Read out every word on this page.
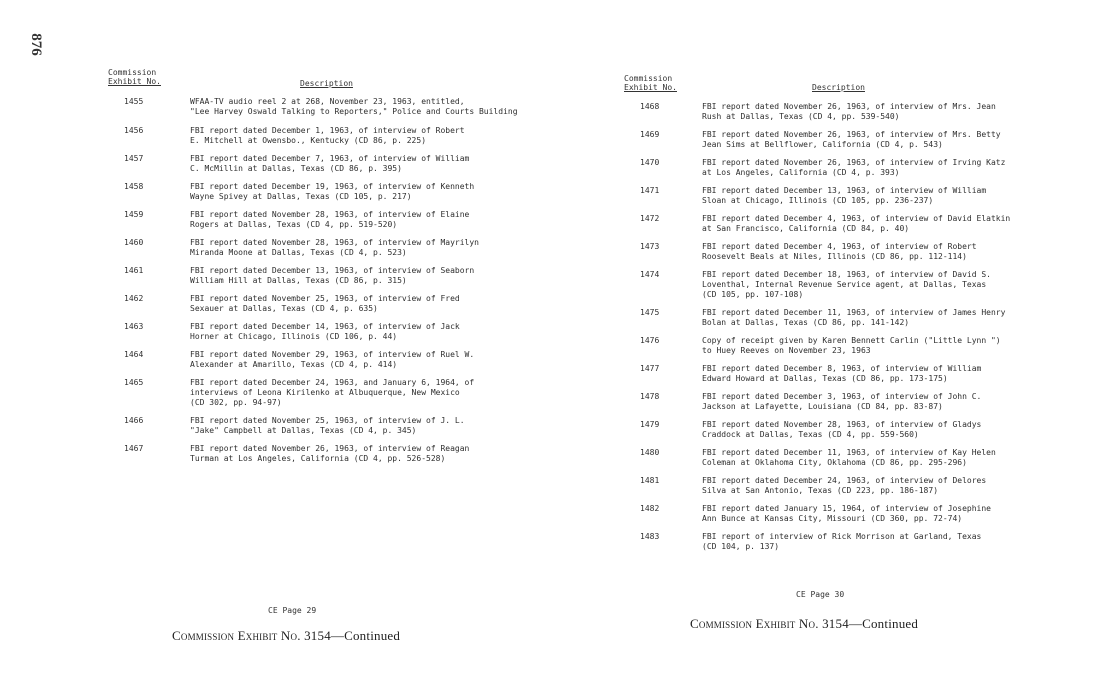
876
Commission
Exhibit No.	Description
1455	WFAA-TV audio reel 2 at 268, November 23, 1963, entitled,
"Lee Harvey Oswald Talking to Reporters," Police and Courts Building
1456	FBI report dated December 1, 1963, of interview of Robert
E. Mitchell at Owensbo., Kentucky (CD 86, p. 225)
1457	FBI report dated December 7, 1963, of interview of William
C. McMillin at Dallas, Texas (CD 86, p. 395)
1458	FBI report dated December 19, 1963, of interview of Kenneth
Wayne Spivey at Dallas, Texas (CD 105, p. 217)
1459	FBI report dated November 28, 1963, of interview of Elaine
Rogers at Dallas, Texas (CD 4, pp. 519-520)
1460	FBI report dated November 28, 1963, of interview of Mayrilyn
Miranda Moone at Dallas, Texas (CD 4, p. 523)
1461	FBI report dated December 13, 1963, of interview of Seaborn
William Hill at Dallas, Texas (CD 86, p. 315)
1462	FBI report dated November 25, 1963, of interview of Fred
Sexauer at Dallas, Texas (CD 4, p. 635)
1463	FBI report dated December 14, 1963, of interview of Jack
Horner at Chicago, Illinois (CD 106, p. 44)
1464	FBI report dated November 29, 1963, of interview of Ruel W.
Alexander at Amarillo, Texas (CD 4, p. 414)
1465	FBI report dated December 24, 1963, and January 6, 1964, of
interviews of Leona Kirilenko at Albuquerque, New Mexico
(CD 302, pp. 94-97)
1466	FBI report dated November 25, 1963, of interview of J. L.
"Jake" Campbell at Dallas, Texas (CD 4, p. 345)
1467	FBI report dated November 26, 1963, of interview of Reagan
Turman at Los Angeles, California (CD 4, pp. 526-528)
CE Page 29
Commission Exhibit No. 3154—Continued
Commission
Exhibit No.	Description
1468	FBI report dated November 26, 1963, of interview of Mrs. Jean
Rush at Dallas, Texas (CD 4, pp. 539-540)
1469	FBI report dated November 26, 1963, of interview of Mrs. Betty
Jean Sims at Bellflower, California (CD 4, p. 543)
1470	FBI report dated November 26, 1963, of interview of Irving Katz
at Los Angeles, California (CD 4, p. 393)
1471	FBI report dated December 13, 1963, of interview of William
Sloan at Chicago, Illinois (CD 105, pp. 236-237)
1472	FBI report dated December 4, 1963, of interview of David Elatkin
at San Francisco, California (CD 84, p. 40)
1473	FBI report dated December 4, 1963, of interview of Robert
Roosevelt Beals at Niles, Illinois (CD 86, pp. 112-114)
1474	FBI report dated December 18, 1963, of interview of David S.
Loventhal, Internal Revenue Service agent, at Dallas, Texas
(CD 105, pp. 107-108)
1475	FBI report dated December 11, 1963, of interview of James Henry
Bolan at Dallas, Texas (CD 86, pp. 141-142)
1476	Copy of receipt given by Karen Bennett Carlin ("Little Lynn ")
to Huey Reeves on November 23, 1963
1477	FBI report dated December 8, 1963, of interview of William
Edward Howard at Dallas, Texas (CD 86, pp. 173-175)
1478	FBI report dated December 3, 1963, of interview of John C.
Jackson at Lafayette, Louisiana (CD 84, pp. 83-87)
1479	FBI report dated November 28, 1963, of interview of Gladys
Craddock at Dallas, Texas (CD 4, pp. 559-560)
1480	FBI report dated December 11, 1963, of interview of Kay Helen
Coleman at Oklahoma City, Oklahoma (CD 86, pp. 295-296)
1481	FBI report dated December 24, 1963, of interview of Delores
Silva at San Antonio, Texas (CD 223, pp. 186-187)
1482	FBI report dated January 15, 1964, of interview of Josephine
Ann Bunce at Kansas City, Missouri (CD 360, pp. 72-74)
1483	FBI report of interview of Rick Morrison at Garland, Texas
(CD 104, p. 137)
CE Page 30
Commission Exhibit No. 3154—Continued
